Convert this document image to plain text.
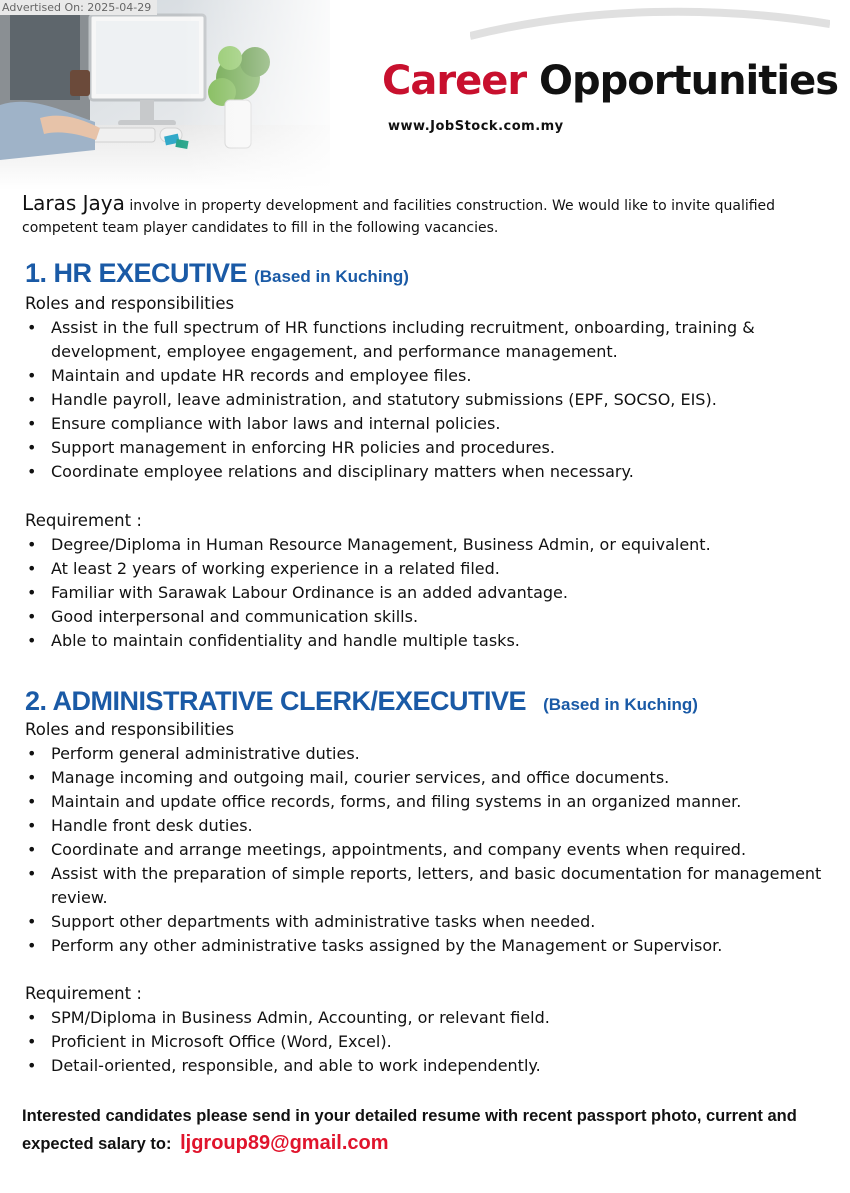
Career Opportunities
www.JobStock.com.my
Advertised On: 2025-04-29
Laras Jaya involve in property development and facilities construction. We would like to invite qualified competent team player candidates to fill in the following vacancies.
1. HR EXECUTIVE (Based in Kuching)
Roles and responsibilities
• Assist in the full spectrum of HR functions including recruitment, onboarding, training & development, employee engagement, and performance management.
• Maintain and update HR records and employee files.
• Handle payroll, leave administration, and statutory submissions (EPF, SOCSO, EIS).
• Ensure compliance with labor laws and internal policies.
• Support management in enforcing HR policies and procedures.
• Coordinate employee relations and disciplinary matters when necessary.
Requirement :
• Degree/Diploma in Human Resource Management, Business Admin, or equivalent.
• At least 2 years of working experience in a related filed.
• Familiar with Sarawak Labour Ordinance is an added advantage.
• Good interpersonal and communication skills.
• Able to maintain confidentiality and handle multiple tasks.
2. ADMINISTRATIVE CLERK/EXECUTIVE (Based in Kuching)
Roles and responsibilities
• Perform general administrative duties.
• Manage incoming and outgoing mail, courier services, and office documents.
• Maintain and update office records, forms, and filing systems in an organized manner.
• Handle front desk duties.
• Coordinate and arrange meetings, appointments, and company events when required.
• Assist with the preparation of simple reports, letters, and basic documentation for management review.
• Support other departments with administrative tasks when needed.
• Perform any other administrative tasks assigned by the Management or Supervisor.
Requirement :
• SPM/Diploma in Business Admin, Accounting, or relevant field.
• Proficient in Microsoft Office (Word, Excel).
• Detail-oriented, responsible, and able to work independently.
Interested candidates please send in your detailed resume with recent passport photo, current and expected salary to: ljgroup89@gmail.com
